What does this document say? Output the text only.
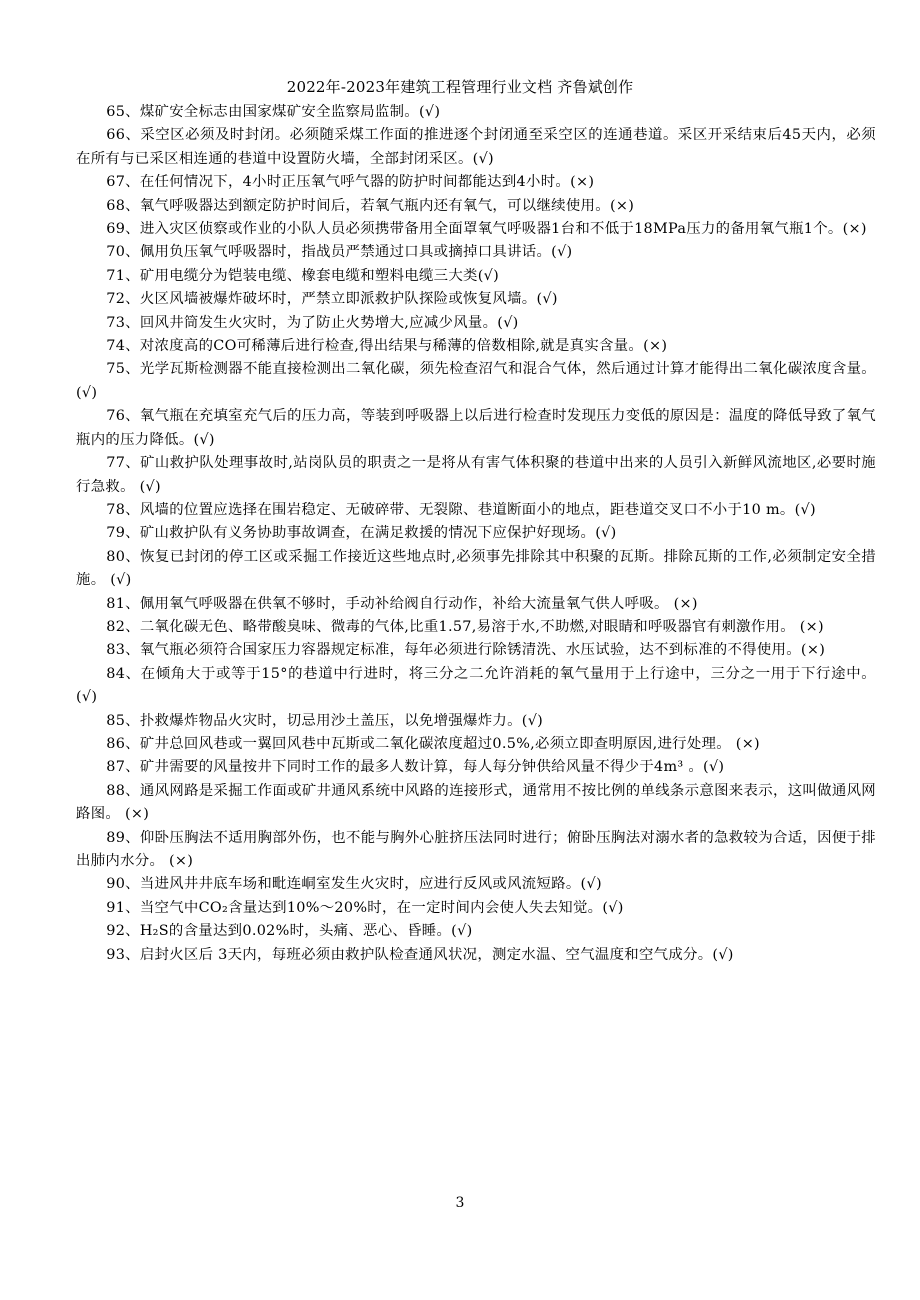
2022年-2023年建筑工程管理行业文档 齐鲁斌创作

65、煤矿安全标志由国家煤矿安全监察局监制。(√)

66、采空区必须及时封闭。必须随采煤工作面的推进逐个封闭通至采空区的连通巷道。采区开采结束后45天内，必须在所有与已采区相连通的巷道中设置防火墙，全部封闭采区。(√)

67、在任何情况下，4小时正压氧气呼气器的防护时间都能达到4小时。(×)

68、氧气呼吸器达到额定防护时间后，若氧气瓶内还有氧气，可以继续使用。(×)

69、进入灾区侦察或作业的小队人员必须携带备用全面罩氧气呼吸器1台和不低于18MPa压力的备用氧气瓶1个。(×)

70、佩用负压氧气呼吸器时，指战员严禁通过口具或摘掉口具讲话。(√)

71、矿用电缆分为铠装电缆、橡套电缆和塑料电缆三大类(√)

72、火区风墙被爆炸破坏时，严禁立即派救护队探险或恢复风墙。(√)

73、回风井筒发生火灾时，为了防止火势增大,应减少风量。(√)

74、对浓度高的CO可稀薄后进行检查,得出结果与稀薄的倍数相除,就是真实含量。(×)

75、光学瓦斯检测器不能直接检测出二氧化碳，须先检查沼气和混合气体，然后通过计算才能得出二氧化碳浓度含量。(√)

76、氧气瓶在充填室充气后的压力高，等装到呼吸器上以后进行检查时发现压力变低的原因是：温度的降低导致了氧气瓶内的压力降低。(√)

77、矿山救护队处理事故时,站岗队员的职责之一是将从有害气体积聚的巷道中出来的人员引入新鲜风流地区,必要时施行急救。 (√)

78、风墙的位置应选择在围岩稳定、无破碎带、无裂隙、巷道断面小的地点，距巷道交叉口不小于10 m。(√)

79、矿山救护队有义务协助事故调查，在满足救援的情况下应保护好现场。(√)

80、恢复已封闭的停工区或采掘工作接近这些地点时,必须事先排除其中积聚的瓦斯。排除瓦斯的工作,必须制定安全措施。 (√)

81、佩用氧气呼吸器在供氧不够时，手动补给阀自行动作，补给大流量氧气供人呼吸。 (×)

82、二氧化碳无色、略带酸臭味、微毒的气体,比重1.57,易溶于水,不助燃,对眼睛和呼吸器官有刺激作用。 (×)

83、氧气瓶必须符合国家压力容器规定标准，每年必须进行除锈清洗、水压试验，达不到标准的不得使用。(×)

84、在倾角大于或等于15°的巷道中行进时，将三分之二允许消耗的氧气量用于上行途中，三分之一用于下行途中。(√)

85、扑救爆炸物品火灾时，切忌用沙土盖压，以免增强爆炸力。(√)

86、矿井总回风巷或一翼回风巷中瓦斯或二氧化碳浓度超过0.5%,必须立即查明原因,进行处理。 (×)

87、矿井需要的风量按井下同时工作的最多人数计算，每人每分钟供给风量不得少于4m³ 。(√)

88、通风网路是采掘工作面或矿井通风系统中风路的连接形式，通常用不按比例的单线条示意图来表示，这叫做通风网路图。 (×)

89、仰卧压胸法不适用胸部外伤，也不能与胸外心脏挤压法同时进行；俯卧压胸法对溺水者的急救较为合适，因便于排出肺内水分。 (×)

90、当进风井井底车场和毗连峒室发生火灾时，应进行反风或风流短路。(√)

91、当空气中CO₂含量达到10%～20%时，在一定时间内会使人失去知觉。(√)

92、H₂S的含量达到0.02%时，头痛、恶心、昏睡。(√)

93、启封火区后 3天内，每班必须由救护队检查通风状况，测定水温、空气温度和空气成分。(√)

3
